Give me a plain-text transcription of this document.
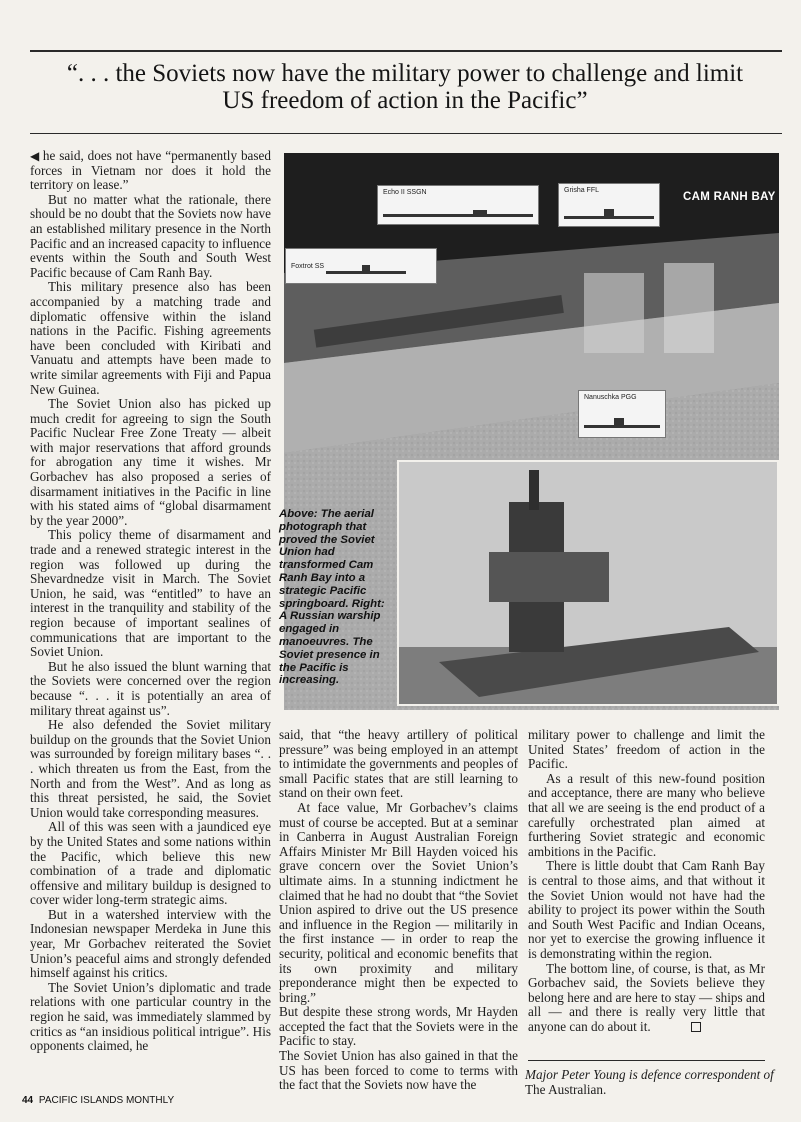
“. . . the Soviets now have the military power to challenge and limit
US freedom of action in the Pacific”

◀ he said, does not have “permanently based forces in Vietnam nor does it hold the territory on lease.”

But no matter what the rationale, there should be no doubt that the Soviets now have an established military presence in the North Pacific and an increased capacity to influence events within the South and South West Pacific because of Cam Ranh Bay.

This military presence also has been accompanied by a matching trade and diplomatic offensive within the island nations in the Pacific. Fishing agreements have been concluded with Kiribati and Vanuatu and attempts have been made to write similar agreements with Fiji and Papua New Guinea.

The Soviet Union also has picked up much credit for agreeing to sign the South Pacific Nuclear Free Zone Treaty — albeit with major reservations that afford grounds for abrogation any time it wishes. Mr Gorbachev has also proposed a series of disarmament initiatives in the Pacific in line with his stated aims of “global disarmament by the year 2000”.

This policy theme of disarmament and trade and a renewed strategic interest in the region was followed up during the Shevardnedze visit in March. The Soviet Union, he said, was “entitled” to have an interest in the tranquility and stability of the region because of important sealines of communications that are important to the Soviet Union.

But he also issued the blunt warning that the Soviets were concerned over the region because “. . . it is potentially an area of military threat against us”.

He also defended the Soviet military buildup on the grounds that the Soviet Union was surrounded by foreign military bases “. . . which threaten us from the East, from the North and from the West”. And as long as this threat persisted, he said, the Soviet Union would take corresponding measures.

All of this was seen with a jaundiced eye by the United States and some nations within the Pacific, which believe this new combination of a trade and diplomatic offensive and military buildup is designed to cover wider long-term strategic aims.

But in a watershed interview with the Indonesian newspaper Merdeka in June this year, Mr Gorbachev reiterated the Soviet Union’s peaceful aims and strongly defended himself against his critics.

The Soviet Union’s diplomatic and trade relations with one particular country in the region he said, was immediately slammed by critics as “an insidious political intrigue”. His opponents claimed, he

CAM RANH BAY
Echo II SSGN	Grisha FFL
Foxtrot SS
Nanuschka PGG
Above: The aerial photograph that proved the Soviet Union had transformed Cam Ranh Bay into a strategic Pacific springboard. Right: A Russian warship engaged in manoeuvres. The Soviet presence in the Pacific is increasing.

said, that “the heavy artillery of political pressure” was being employed in an attempt to intimidate the governments and peoples of small Pacific states that are still learning to stand on their own feet.

At face value, Mr Gorbachev’s claims must of course be accepted. But at a seminar in Canberra in August Australian Foreign Affairs Minister Mr Bill Hayden voiced his grave concern over the Soviet Union’s ultimate aims. In a stunning indictment he claimed that he had no doubt that “the Soviet Union aspired to drive out the US presence and influence in the Region — militarily in the first instance — in order to reap the security, political and economic benefits that its own proximity and military preponderance might then be expected to bring.”

But despite these strong words, Mr Hayden accepted the fact that the Soviets were in the Pacific to stay.

The Soviet Union has also gained in that the US has been forced to come to terms with the fact that the Soviets now have the

military power to challenge and limit the United States’ freedom of action in the Pacific.

As a result of this new-found position and acceptance, there are many who believe that all we are seeing is the end product of a carefully orchestrated plan aimed at furthering Soviet strategic and economic ambitions in the Pacific.

There is little doubt that Cam Ranh Bay is central to those aims, and that without it the Soviet Union would not have had the ability to project its power within the South and South West Pacific and Indian Oceans, nor yet to exercise the growing influence it is demonstrating within the region.

The bottom line, of course, is that, as Mr Gorbachev said, the Soviets believe they belong here and are here to stay — ships and all — and there is really very little that anyone can do about it.

Major Peter Young is defence correspondent of The Australian.
44 PACIFIC ISLANDS MONTHLY
